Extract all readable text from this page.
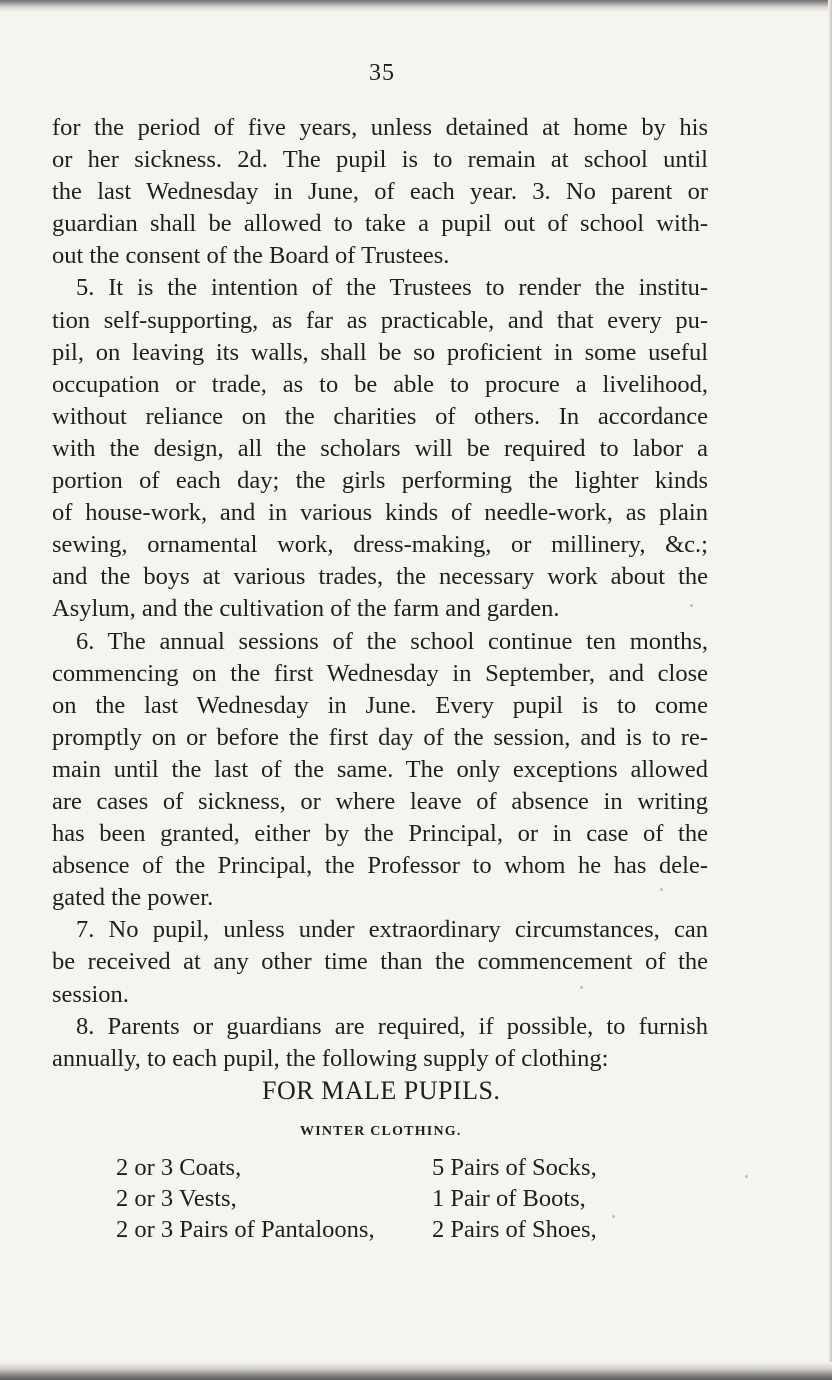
35
for the period of five years, unless detained at home by his
or her sickness. 2d. The pupil is to remain at school until
the last Wednesday in June, of each year. 3. No parent or
guardian shall be allowed to take a pupil out of school with-
out the consent of the Board of Trustees.
5. It is the intention of the Trustees to render the institu-
tion self-supporting, as far as practicable, and that every pu-
pil, on leaving its walls, shall be so proficient in some useful
occupation or trade, as to be able to procure a livelihood,
without reliance on the charities of others. In accordance
with the design, all the scholars will be required to labor a
portion of each day; the girls performing the lighter kinds
of house-work, and in various kinds of needle-work, as plain
sewing, ornamental work, dress-making, or millinery, &c.;
and the boys at various trades, the necessary work about the
Asylum, and the cultivation of the farm and garden.
6. The annual sessions of the school continue ten months,
commencing on the first Wednesday in September, and close
on the last Wednesday in June. Every pupil is to come
promptly on or before the first day of the session, and is to re-
main until the last of the same. The only exceptions allowed
are cases of sickness, or where leave of absence in writing
has been granted, either by the Principal, or in case of the
absence of the Principal, the Professor to whom he has dele-
gated the power.
7. No pupil, unless under extraordinary circumstances, can
be received at any other time than the commencement of the
session.
8. Parents or guardians are required, if possible, to furnish
annually, to each pupil, the following supply of clothing:
FOR MALE PUPILS.
WINTER CLOTHING.
2 or 3 Coats,
2 or 3 Vests,
2 or 3 Pairs of Pantaloons,
5 Pairs of Socks,
1 Pair of Boots,
2 Pairs of Shoes,
